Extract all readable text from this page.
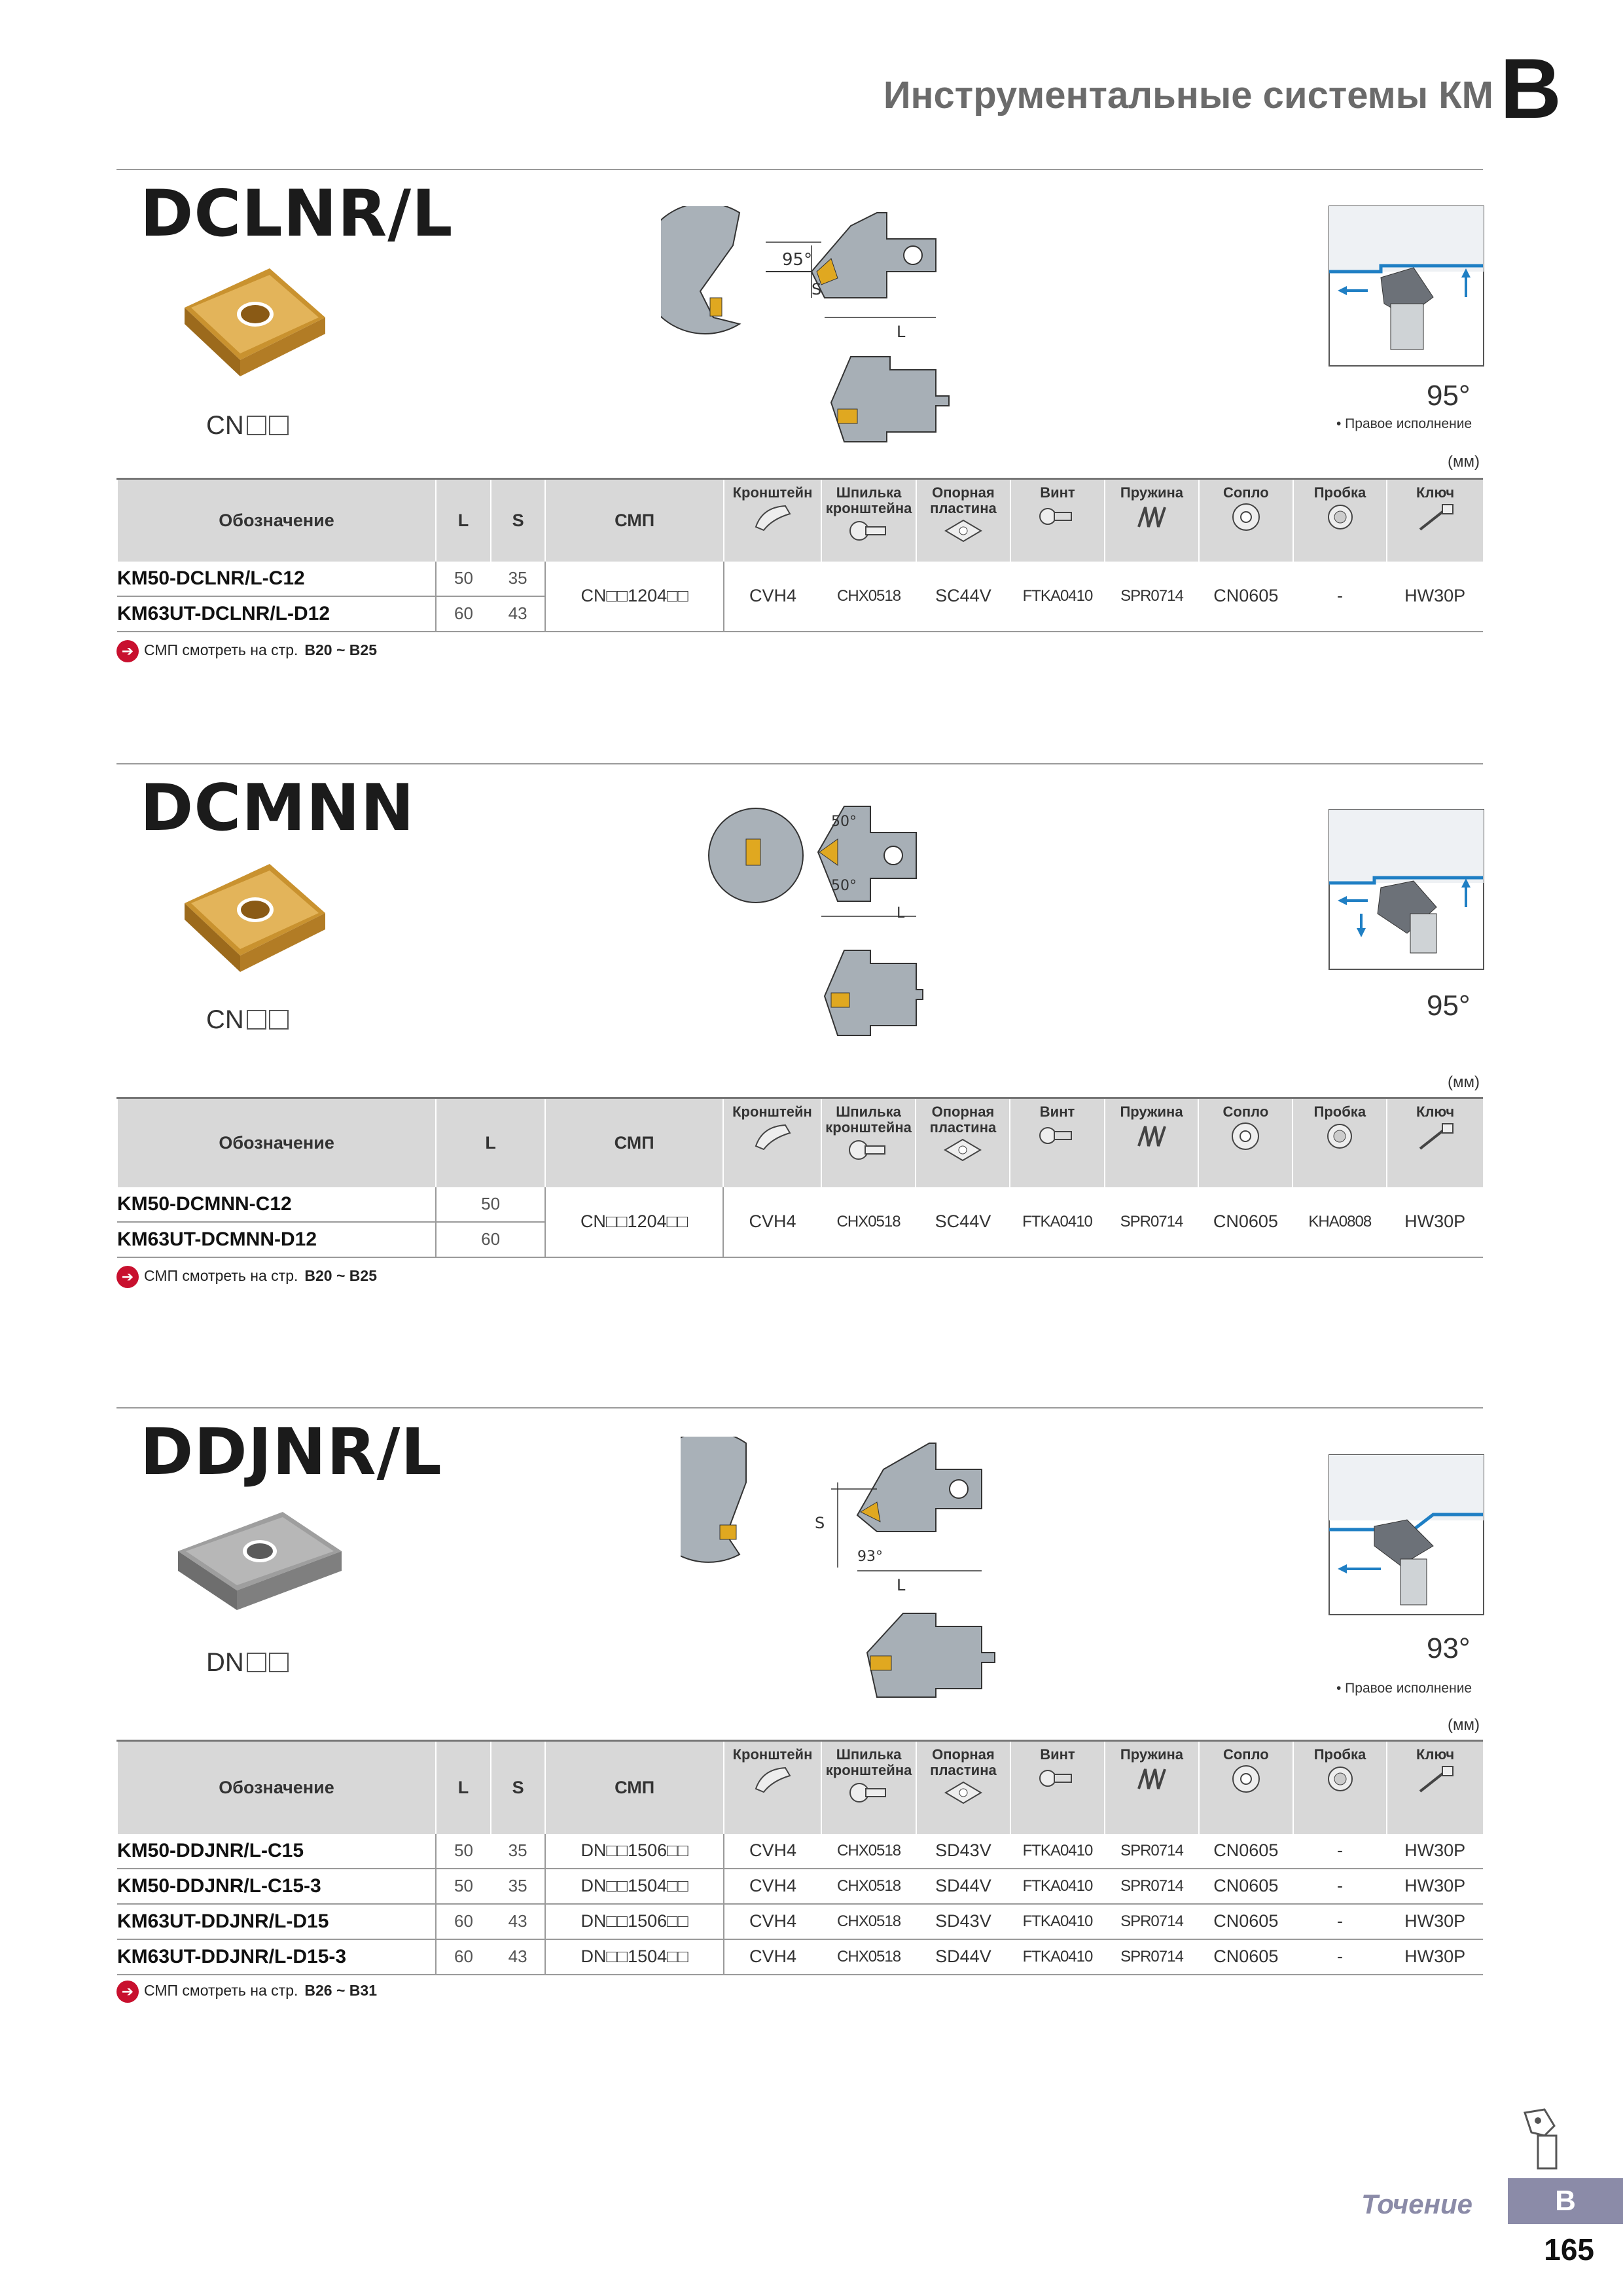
Инструментальные системы КМ B
DCLNR/L
CN
95°
S
L
95°
• Правое исполнение
(мм)
Обозначение	L	S	СМП	Кронштейн	Шпилька кронштейна	Опорная пластина	Винт	Пружина	Сопло	Пробка	Ключ

KM50-DCLNR/L-C12	50	35	CN□□1204□□	CVH4	CHX0518	SC44V	FTKA0410	SPR0714	CN0605	-	HW30P
KM63UT-DCLNR/L-D12	60	43									
➔ СМП смотреть на стр. B20 ~ B25
DCMNN
CN
50°
50°
L
95°
(мм)
Обозначение	L	СМП	Кронштейн	Шпилька кронштейна	Опорная пластина	Винт	Пружина	Сопло	Пробка	Ключ

KM50-DCMNN-C12	50	CN□□1204□□	CVH4	CHX0518	SC44V	FTKA0410	SPR0714	CN0605	KHA0808	HW30P
KM63UT-DCMNN-D12	60									
➔ СМП смотреть на стр. B20 ~ B25
DDJNR/L
DN
S
93°
L
93°
• Правое исполнение
(мм)
Обозначение	L	S	СМП	Кронштейн	Шпилька кронштейна	Опорная пластина	Винт	Пружина	Сопло	Пробка	Ключ

KM50-DDJNR/L-C15	50	35	DN□□1506□□	CVH4	CHX0518	SD43V	FTKA0410	SPR0714	CN0605	-	HW30P
KM50-DDJNR/L-C15-3	50	35	DN□□1504□□	CVH4	CHX0518	SD44V	FTKA0410	SPR0714	CN0605	-	HW30P
KM63UT-DDJNR/L-D15	60	43	DN□□1506□□	CVH4	CHX0518	SD43V	FTKA0410	SPR0714	CN0605	-	HW30P
KM63UT-DDJNR/L-D15-3	60	43	DN□□1504□□	CVH4	CHX0518	SD44V	FTKA0410	SPR0714	CN0605	-	HW30P
➔ СМП смотреть на стр. B26 ~ B31
Точение	B
165
